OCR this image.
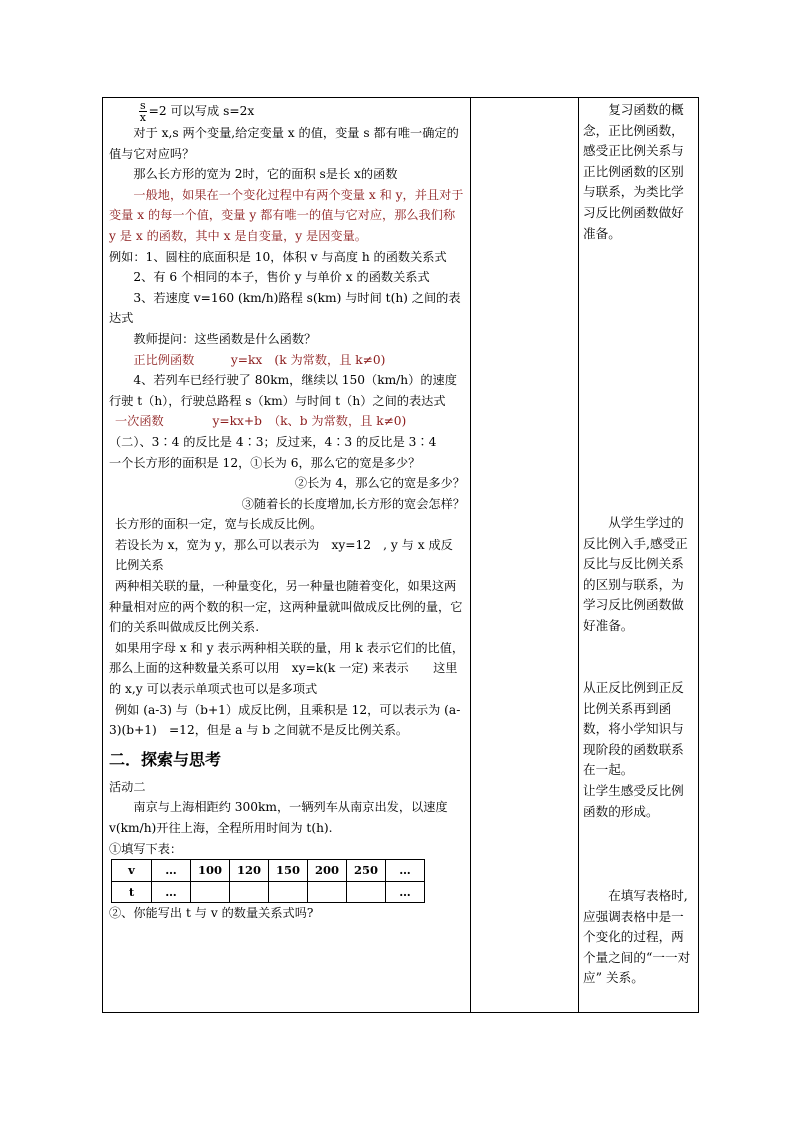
$\frac{s}{x} =2$ 可以写成 s=2x

对于 x,s 两个变量,给定变量 x 的值，变量 s 都有唯一确定的值与它对应吗？

那么长方形的宽为 2时，它的面积 s是长 x的函数

一般地，如果在一个变化过程中有两个变量 x 和 y，并且对于变量 x 的每一个值，变量 y 都有唯一的值与它对应，那么我们称 y 是 x 的函数，其中 x 是自变量，y 是因变量。

例如：1、圆柱的底面积是 10，体积 v 与高度 h 的函数关系式

2、有 6 个相同的本子，售价 y 与单价 x 的函数关系式

3、若速度 v=160 (km/h)路程 s(km) 与时间 t(h) 之间的表达式

教师提问：这些函数是什么函数？

正比例函数　　　y=kx　(k 为常数，且 k≠0)

4、若列车已经行驶了 80km，继续以 150（km/h）的速度行驶 t（h），行驶总路程 s（km）与时间 t（h）之间的表达式

一次函数　　　　y=kx+b　（k、b 为常数，且 k≠0)

（二）、3∶4 的反比是 4∶3；反过来，4∶3 的反比是 3∶4

一个长方形的面积是 12，①长为 6，那么它的宽是多少？

②长为 4，那么它的宽是多少？

③随着长的长度增加,长方形的宽会怎样？

长方形的面积一定，宽与长成反比例。

若设长为 x，宽为 y，那么可以表示为　xy=12　, y 与 x 成反比例关系

两种相关联的量，一种量变化，另一种量也随着变化，如果这两种量相对应的两个数的积一定，这两种量就叫做成反比例的量，它们的关系叫做成反比例关系.

如果用字母 x 和 y 表示两种相关联的量，用 k 表示它们的比值，　那么上面的这种数量关系可以用　xy=k(k 一定) 来表示　　这里的 x,y 可以表示单项式也可以是多项式

例如 (a-3) 与（b+1）成反比例，且乘积是 12，可以表示为 (a-3)(b+1)　=12，但是 a 与 b 之间就不是反比例关系。

二．探索与思考

活动二

南京与上海相距约 300km，一辆列车从南京出发，以速度 v(km/h)开往上海，全程所用时间为 t(h).

①填写下表：

v	…	100	120	150	200	250	…
t	…						…

②、你能写出 t 与 v 的数量关系式吗?

复习函数的概念，正比例函数，感受正比例关系与正比例函数的区别与联系，为类比学习反比例函数做好准备。

从学生学过的反比例入手,感受正反比与反比例关系的区别与联系，为学习反比例函数做好准备。

从正反比例到正反比例关系再到函数，将小学知识与现阶段的函数联系在一起。

让学生感受反比例函数的形成。

在填写表格时,应强调表格中是一个变化的过程，两个量之间的“一一对应” 关系。
